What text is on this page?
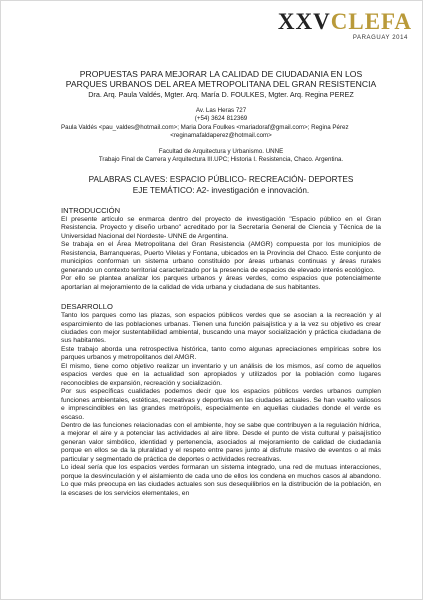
XXVCLEFA
PARAGUAY 2014
PROPUESTAS PARA MEJORAR LA CALIDAD DE CIUDADANIA EN LOS
PARQUES URBANOS DEL AREA METROPOLITANA DEL GRAN RESISTENCIA
Dra. Arq. Paula Valdés, Mgter. Arq. María D. FOULKES, Mgter. Arq. Regina PEREZ
Av. Las Heras 727
(+54) 3624 812369
Paula Valdés <pau_valdes@hotmail.com>; Maria Dora Foulkes <mariadoraf@gmail.com>; Regina Pérez
<reginamafaldaperez@hotmail.com>
Facultad de Arquitectura y Urbanismo. UNNE
Trabajo Final de Carrera y Arquitectura III.UPC; Historia I. Resistencia, Chaco. Argentina.
PALABRAS CLAVES: ESPACIO PÚBLICO- RECREACIÓN- DEPORTES
EJE TEMÁTICO: A2- investigación e innovación.
INTRODUCCIÓN

El presente artículo se enmarca dentro del proyecto de investigación "Espacio público en el Gran Resistencia. Proyecto y diseño urbano" acreditado por la Secretaría General de Ciencia y Técnica de la Universidad Nacional del Nordeste- UNNE de Argentina.

Se trabaja en el Área Metropolitana del Gran Resistencia (AMGR) compuesta por los municipios de Resistencia, Barranqueras, Puerto Vilelas y Fontana, ubicados en la Provincia del Chaco. Este conjunto de municipios conforman un sistema urbano constituido por áreas urbanas continuas y áreas rurales generando un contexto territorial caracterizado por la presencia de espacios de elevado interés ecológico.

Por ello se plantea analizar los parques urbanos y áreas verdes, como espacios que potencialmente aportarían al mejoramiento de la calidad de vida urbana y ciudadana de sus habitantes.

DESARROLLO

Tanto los parques como las plazas, son espacios públicos verdes que se asocian a la recreación y al esparcimiento de las poblaciones urbanas. Tienen una función paisajística y a la vez su objetivo es crear ciudades con mejor sustentabilidad ambiental, buscando una mayor socialización y práctica ciudadana de sus habitantes.

Este trabajo aborda una retrospectiva histórica, tanto como algunas apreciaciones empíricas sobre los parques urbanos y metropolitanos del AMGR.

El mismo, tiene como objetivo realizar un inventario y un análisis de los mismos, así como de aquellos espacios verdes que en la actualidad son apropiados y utilizados por la población como lugares reconocibles de expansión, recreación y socialización.

Por sus específicas cualidades podemos decir que los espacios públicos verdes urbanos cumplen funciones ambientales, estéticas, recreativas y deportivas en las ciudades actuales. Se han vuelto valiosos e imprescindibles en las grandes metrópolis, especialmente en aquellas ciudades donde el verde es escaso.

Dentro de las funciones relacionadas con el ambiente, hoy se sabe que contribuyen a la regulación hídrica, a mejorar el aire y a potenciar las actividades al aire libre. Desde el punto de vista cultural y paisajístico generan valor simbólico, identidad y pertenencia, asociados al mejoramiento de calidad de ciudadanía porque en ellos se da la pluralidad y el respeto entre pares junto al disfrute masivo de eventos o al más particular y segmentado de práctica de deportes o actividades recreativas.

Lo ideal sería que los espacios verdes formaran un sistema integrado, una red de mutuas interacciones, porque la desvinculación y el aislamiento de cada uno de ellos los condena en muchos casos al abandono. Lo que más preocupa en las ciudades actuales son sus desequilibrios en la distribución de la población, en la escases de los servicios elementales, en
